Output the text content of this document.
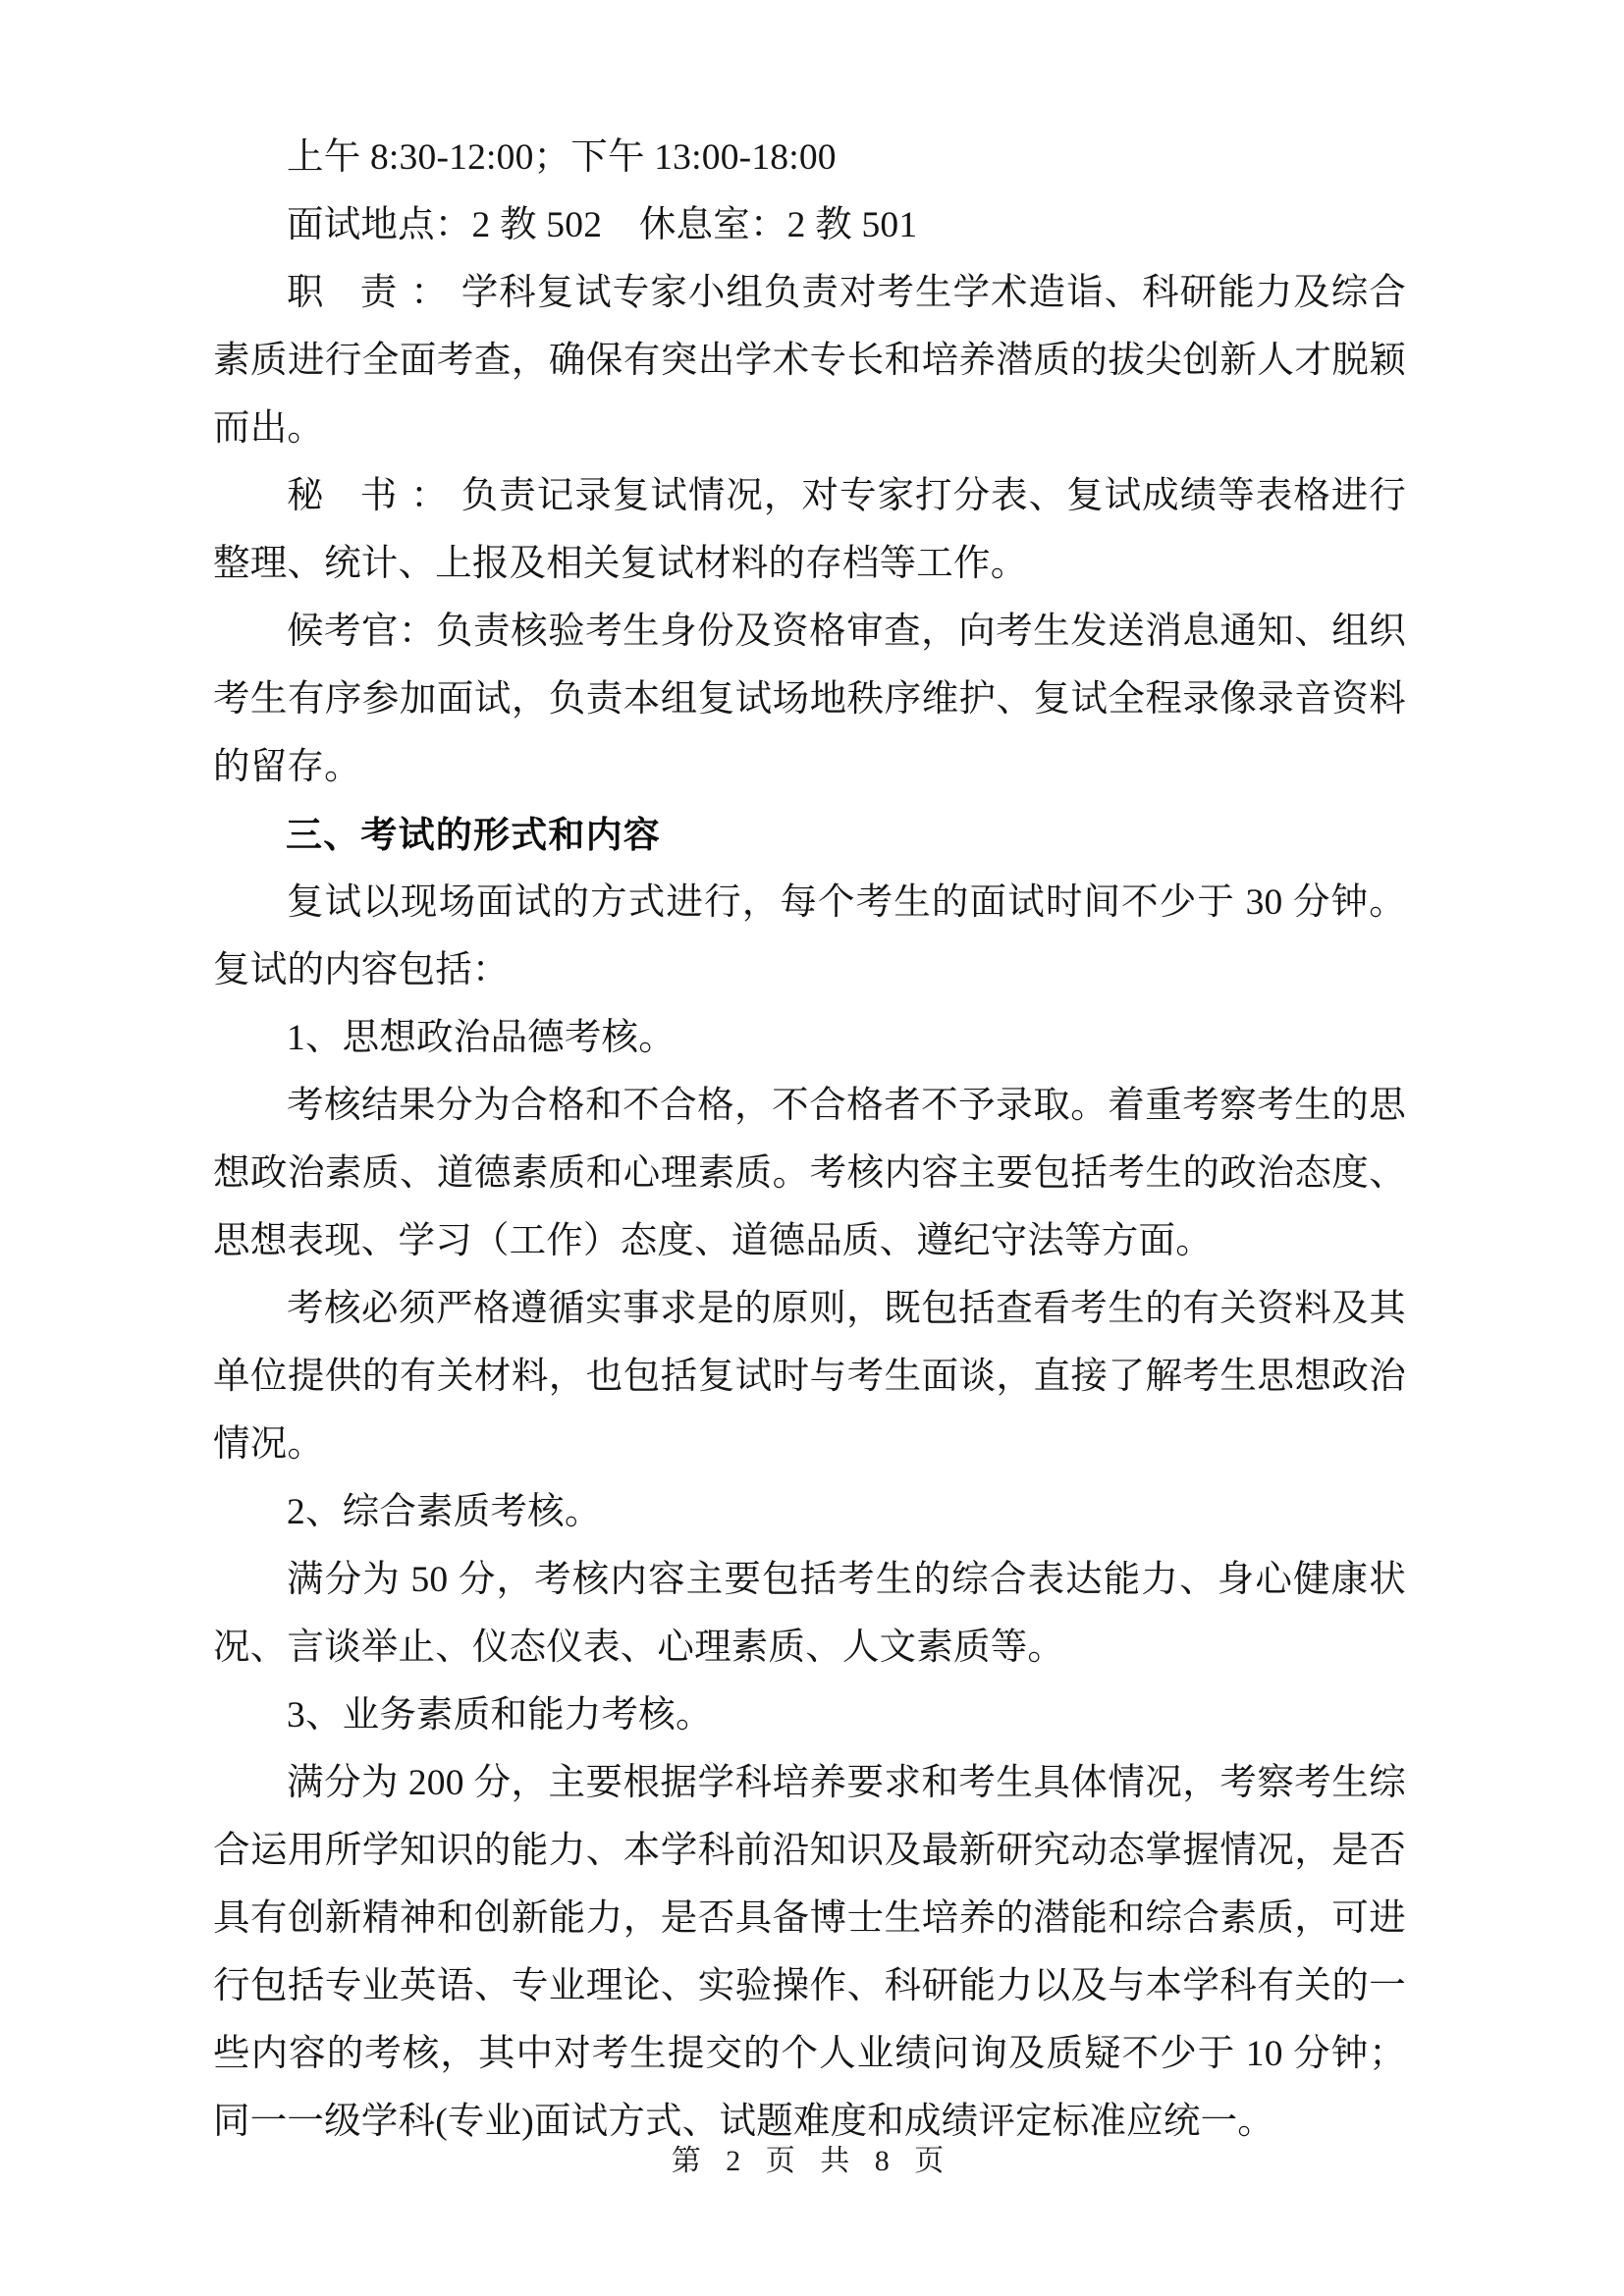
上午 8:30-12:00；下午 13:00-18:00

面试地点：2 教 502　休息室：2 教 501

职 责：学科复试专家小组负责对考生学术造诣、科研能力及综合素质进行全面考查，确保有突出学术专长和培养潜质的拔尖创新人才脱颖而出。

秘 书：负责记录复试情况，对专家打分表、复试成绩等表格进行整理、统计、上报及相关复试材料的存档等工作。

候考官：负责核验考生身份及资格审查，向考生发送消息通知、组织考生有序参加面试，负责本组复试场地秩序维护、复试全程录像录音资料的留存。

三、考试的形式和内容

复试以现场面试的方式进行，每个考生的面试时间不少于 30 分钟。复试的内容包括：

1、思想政治品德考核。

考核结果分为合格和不合格，不合格者不予录取。着重考察考生的思想政治素质、道德素质和心理素质。考核内容主要包括考生的政治态度、思想表现、学习（工作）态度、道德品质、遵纪守法等方面。

考核必须严格遵循实事求是的原则，既包括查看考生的有关资料及其单位提供的有关材料，也包括复试时与考生面谈，直接了解考生思想政治情况。

2、综合素质考核。

满分为 50 分，考核内容主要包括考生的综合表达能力、身心健康状况、言谈举止、仪态仪表、心理素质、人文素质等。

3、业务素质和能力考核。

满分为 200 分，主要根据学科培养要求和考生具体情况，考察考生综合运用所学知识的能力、本学科前沿知识及最新研究动态掌握情况，是否具有创新精神和创新能力，是否具备博士生培养的潜能和综合素质，可进行包括专业英语、专业理论、实验操作、科研能力以及与本学科有关的一些内容的考核，其中对考生提交的个人业绩问询及质疑不少于 10 分钟；同一一级学科(专业)面试方式、试题难度和成绩评定标准应统一。

第 2 页 共 8 页
